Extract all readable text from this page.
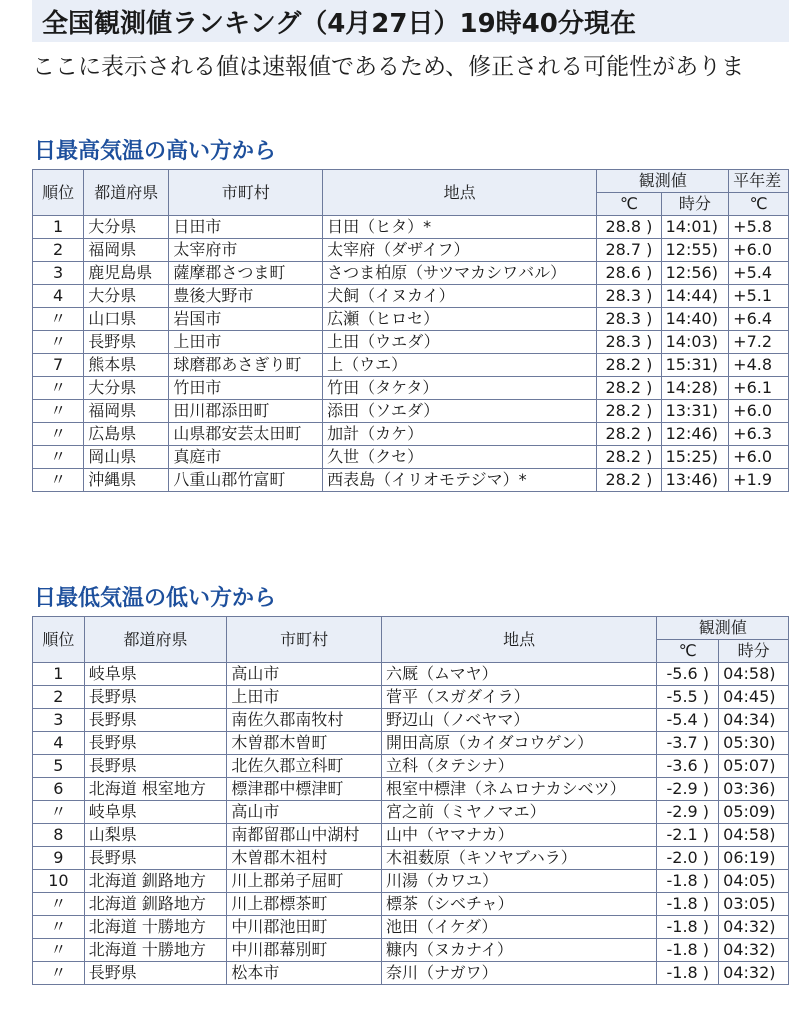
全国観測値ランキング（4月27日）19時40分現在
ここに表示される値は速報値であるため、修正される可能性がありま
日最高気温の高い方から
順位	都道府県	市町村	地点	観測値		平年差
				℃	時分	℃
1	大分県	日田市	日田（ヒタ）*	28.8 )	14:01)	+5.8
2	福岡県	太宰府市	太宰府（ダザイフ）	28.7 )	12:55)	+6.0
3	鹿児島県	薩摩郡さつま町	さつま柏原（サツマカシワバル）	28.6 )	12:56)	+5.4
4	大分県	豊後大野市	犬飼（イヌカイ）	28.3 )	14:44)	+5.1
〃	山口県	岩国市	広瀬（ヒロセ）	28.3 )	14:40)	+6.4
〃	長野県	上田市	上田（ウエダ）	28.3 )	14:03)	+7.2
7	熊本県	球磨郡あさぎり町	上（ウエ）	28.2 )	15:31)	+4.8
〃	大分県	竹田市	竹田（タケタ）	28.2 )	14:28)	+6.1
〃	福岡県	田川郡添田町	添田（ソエダ）	28.2 )	13:31)	+6.0
〃	広島県	山県郡安芸太田町	加計（カケ）	28.2 )	12:46)	+6.3
〃	岡山県	真庭市	久世（クセ）	28.2 )	15:25)	+6.0
〃	沖縄県	八重山郡竹富町	西表島（イリオモテジマ）*	28.2 )	13:46)	+1.9
日最低気温の低い方から
順位	都道府県	市町村	地点	観測値	
				℃	時分
1	岐阜県	高山市	六厩（ムマヤ）	-5.6 )	04:58)
2	長野県	上田市	菅平（スガダイラ）	-5.5 )	04:45)
3	長野県	南佐久郡南牧村	野辺山（ノベヤマ）	-5.4 )	04:34)
4	長野県	木曽郡木曽町	開田高原（カイダコウゲン）	-3.7 )	05:30)
5	長野県	北佐久郡立科町	立科（タテシナ）	-3.6 )	05:07)
6	北海道 根室地方	標津郡中標津町	根室中標津（ネムロナカシベツ）	-2.9 )	03:36)
〃	岐阜県	高山市	宮之前（ミヤノマエ）	-2.9 )	05:09)
8	山梨県	南都留郡山中湖村	山中（ヤマナカ）	-2.1 )	04:58)
9	長野県	木曽郡木祖村	木祖薮原（キソヤブハラ）	-2.0 )	06:19)
10	北海道 釧路地方	川上郡弟子屈町	川湯（カワユ）	-1.8 )	04:05)
〃	北海道 釧路地方	川上郡標茶町	標茶（シベチャ）	-1.8 )	03:05)
〃	北海道 十勝地方	中川郡池田町	池田（イケダ）	-1.8 )	04:32)
〃	北海道 十勝地方	中川郡幕別町	糠内（ヌカナイ）	-1.8 )	04:32)
〃	長野県	松本市	奈川（ナガワ）	-1.8 )	04:32)
